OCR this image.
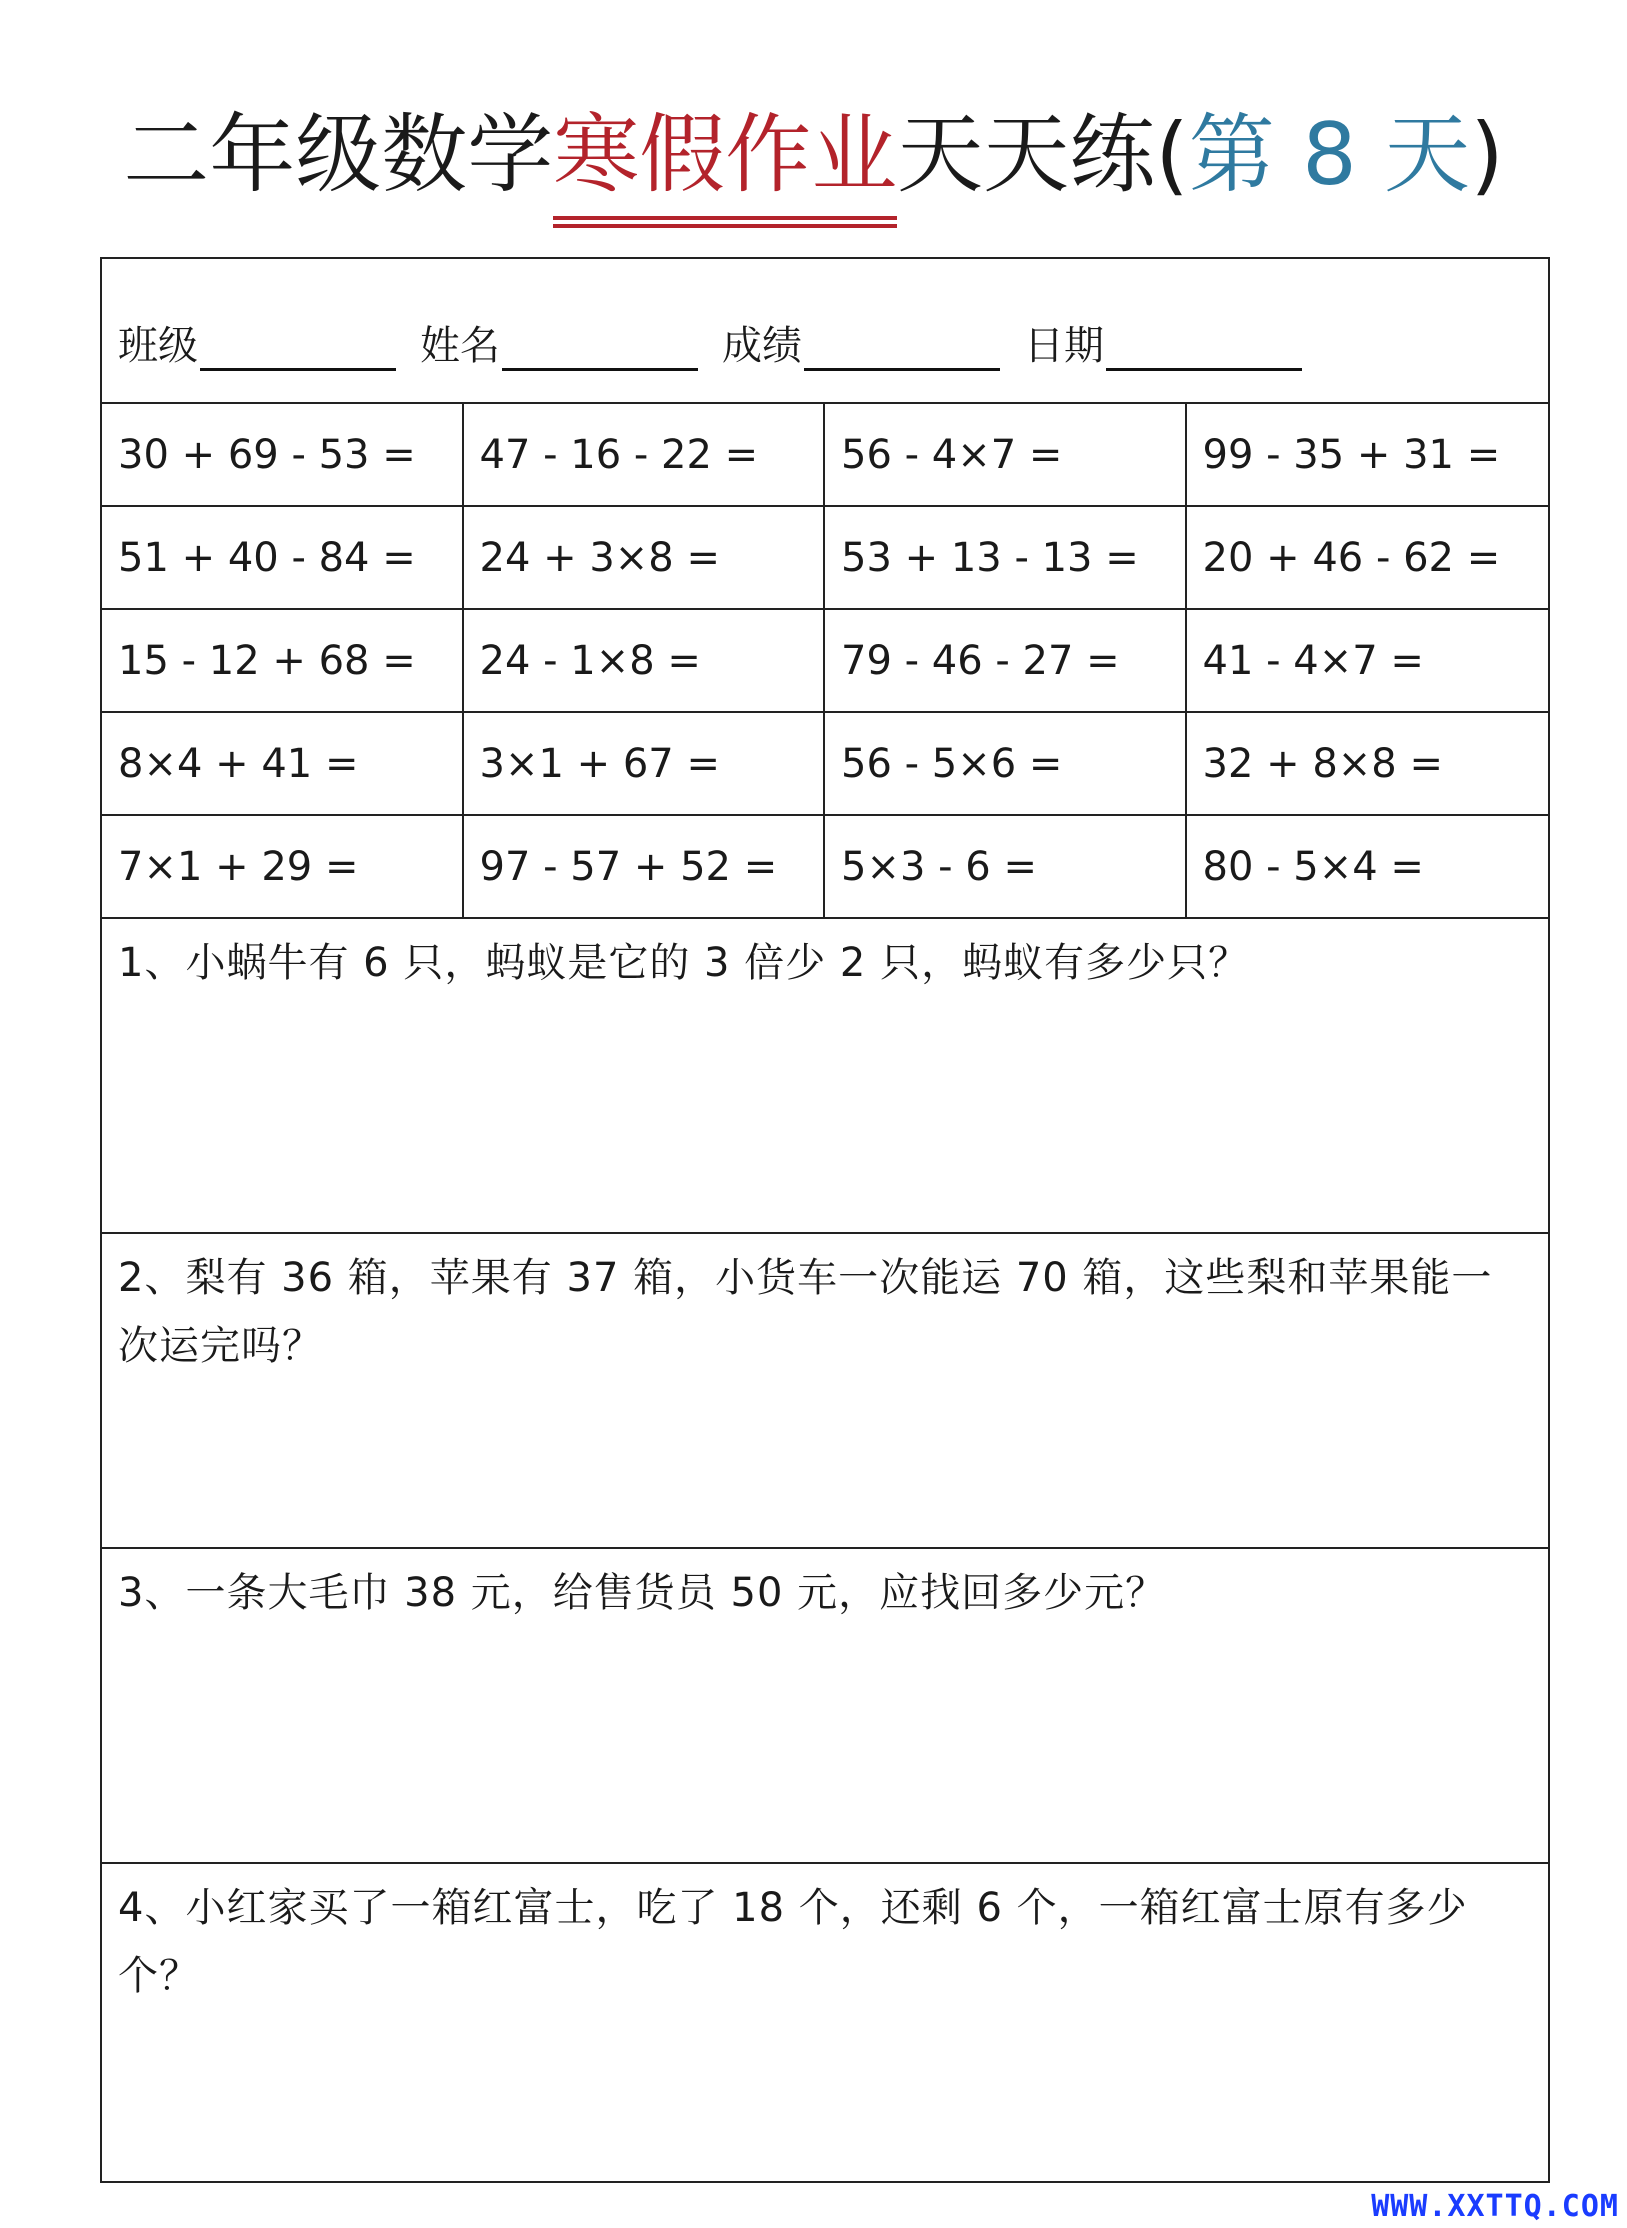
二年级数学寒假作业天天练(第 8 天)
班级	姓名	成绩	日期
30 + 69 - 53 =	47 - 16 - 22 =	56 - 4×7 =	99 - 35 + 31 =
51 + 40 - 84 =	24 + 3×8 =	53 + 13 - 13 =	20 + 46 - 62 =
15 - 12 + 68 =	24 - 1×8 =	79 - 46 - 27 =	41 - 4×7 =
8×4 + 41 =	3×1 + 67 =	56 - 5×6 =	32 + 8×8 =
7×1 + 29 =	97 - 57 + 52 =	5×3 - 6 =	80 - 5×4 =
1、小蜗牛有 6 只，蚂蚁是它的 3 倍少 2 只，蚂蚁有多少只？
2、梨有 36 箱，苹果有 37 箱，小货车一次能运 70 箱，这些梨和苹果能一次运完吗？
3、一条大毛巾 38 元，给售货员 50 元，应找回多少元？
4、小红家买了一箱红富士，吃了 18 个，还剩 6 个，一箱红富士原有多少个？
WWW.XXTTQ.COM
